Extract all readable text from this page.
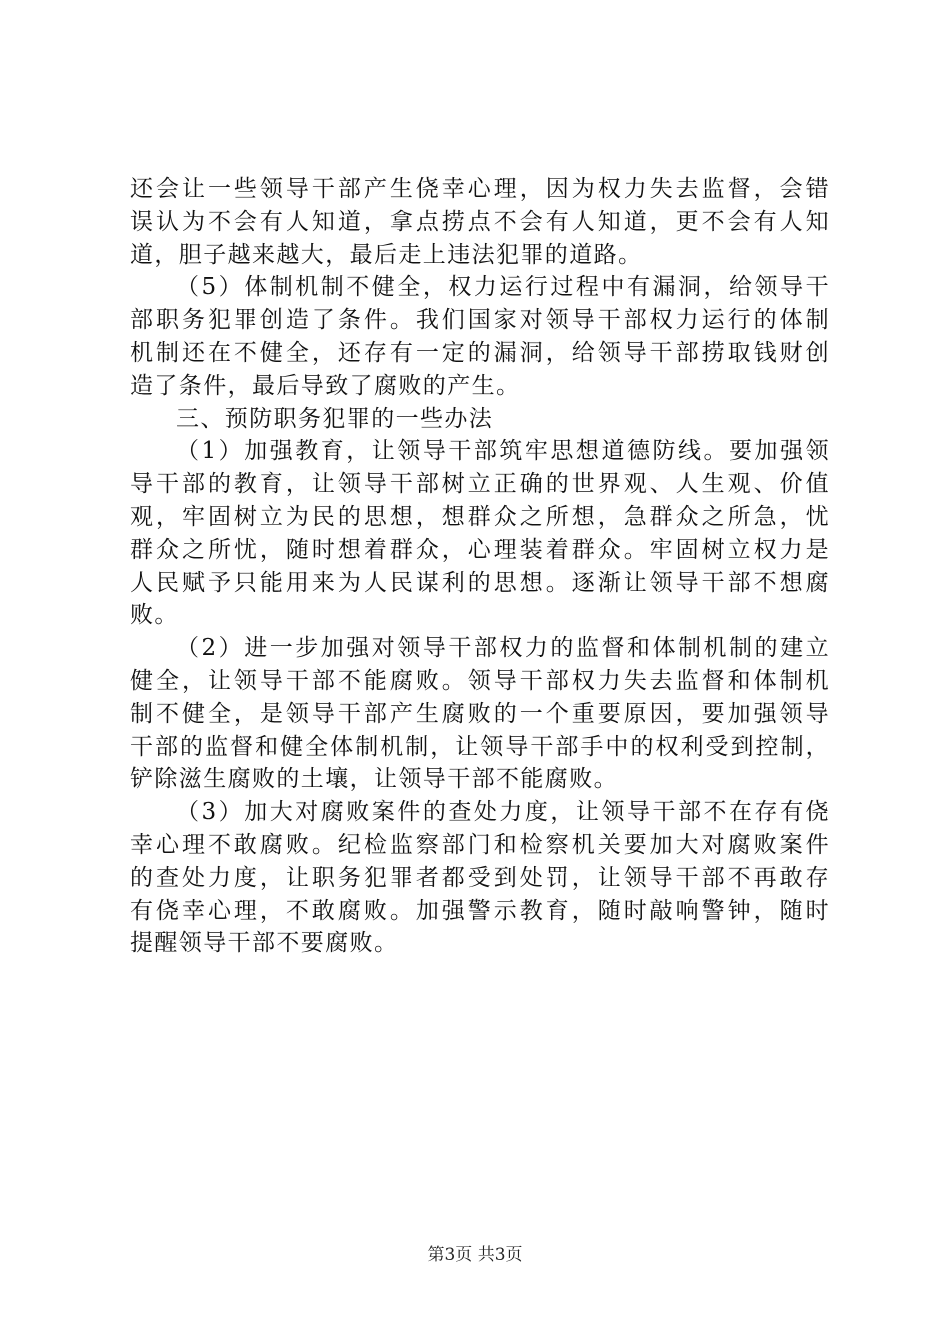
还会让一些领导干部产生侥幸心理，因为权力失去监督，会错
误认为不会有人知道，拿点捞点不会有人知道，更不会有人知
道，胆子越来越大，最后走上违法犯罪的道路。
（5）体制机制不健全，权力运行过程中有漏洞，给领导干
部职务犯罪创造了条件。我们国家对领导干部权力运行的体制
机制还在不健全，还存有一定的漏洞，给领导干部捞取钱财创
造了条件，最后导致了腐败的产生。
三、预防职务犯罪的一些办法
（1）加强教育，让领导干部筑牢思想道德防线。要加强领
导干部的教育，让领导干部树立正确的世界观、人生观、价值
观，牢固树立为民的思想，想群众之所想，急群众之所急，忧
群众之所忧，随时想着群众，心理装着群众。牢固树立权力是
人民赋予只能用来为人民谋利的思想。逐渐让领导干部不想腐
败。
（2）进一步加强对领导干部权力的监督和体制机制的建立
健全，让领导干部不能腐败。领导干部权力失去监督和体制机
制不健全，是领导干部产生腐败的一个重要原因，要加强领导
干部的监督和健全体制机制，让领导干部手中的权利受到控制，
铲除滋生腐败的土壤，让领导干部不能腐败。
（3）加大对腐败案件的查处力度，让领导干部不在存有侥
幸心理不敢腐败。纪检监察部门和检察机关要加大对腐败案件
的查处力度，让职务犯罪者都受到处罚，让领导干部不再敢存
有侥幸心理，不敢腐败。加强警示教育，随时敲响警钟，随时
提醒领导干部不要腐败。
第3页 共3页
